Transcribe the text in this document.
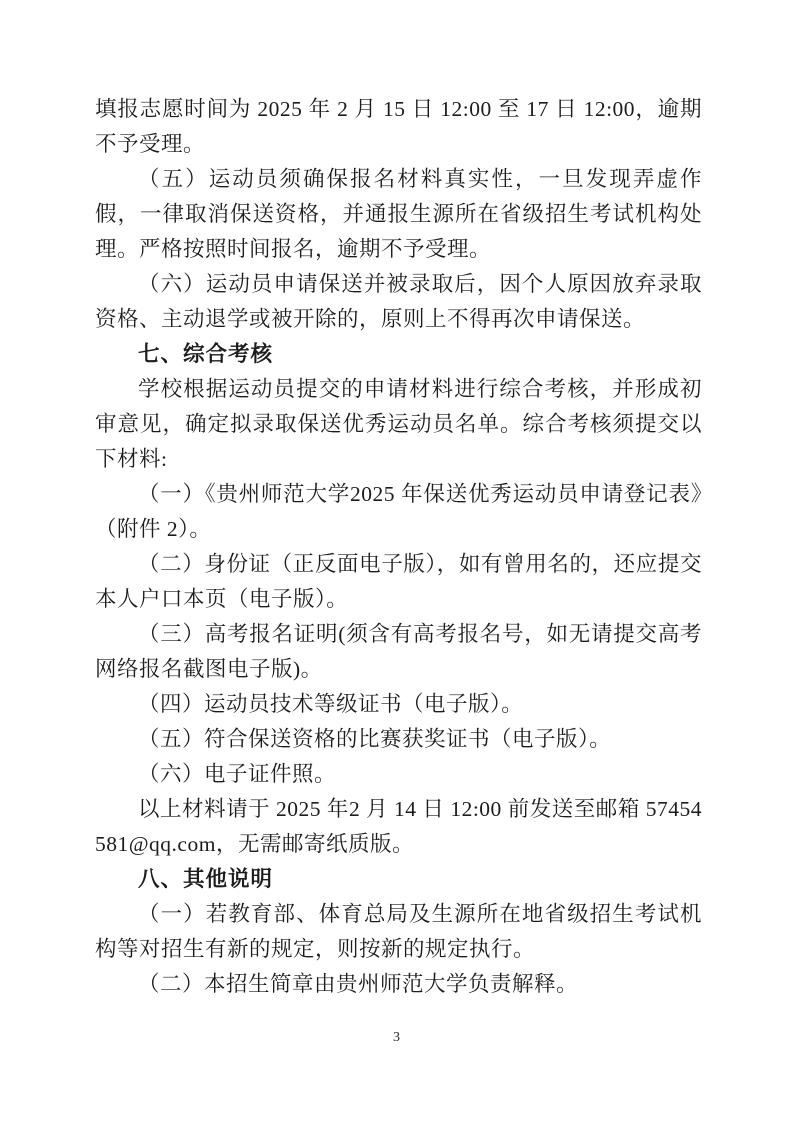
填报志愿时间为 2025 年 2 月 15 日 12:00 至 17 日 12:00，逾期不予受理。

（五）运动员须确保报名材料真实性，一旦发现弄虚作假，一律取消保送资格，并通报生源所在省级招生考试机构处理。严格按照时间报名，逾期不予受理。

（六）运动员申请保送并被录取后，因个人原因放弃录取资格、主动退学或被开除的，原则上不得再次申请保送。

七、综合考核

学校根据运动员提交的申请材料进行综合考核，并形成初审意见，确定拟录取保送优秀运动员名单。综合考核须提交以下材料:

（一）《贵州师范大学2025 年保送优秀运动员申请登记表》（附件 2）。

（二）身份证（正反面电子版），如有曾用名的，还应提交本人户口本页（电子版）。

（三）高考报名证明(须含有高考报名号，如无请提交高考网络报名截图电子版)。

（四）运动员技术等级证书（电子版）。

（五）符合保送资格的比赛获奖证书（电子版）。

（六）电子证件照。

以上材料请于 2025 年2 月 14 日 12:00 前发送至邮箱 57454581@qq.com，无需邮寄纸质版。

八、其他说明

（一）若教育部、体育总局及生源所在地省级招生考试机构等对招生有新的规定，则按新的规定执行。

（二）本招生简章由贵州师范大学负责解释。

3
